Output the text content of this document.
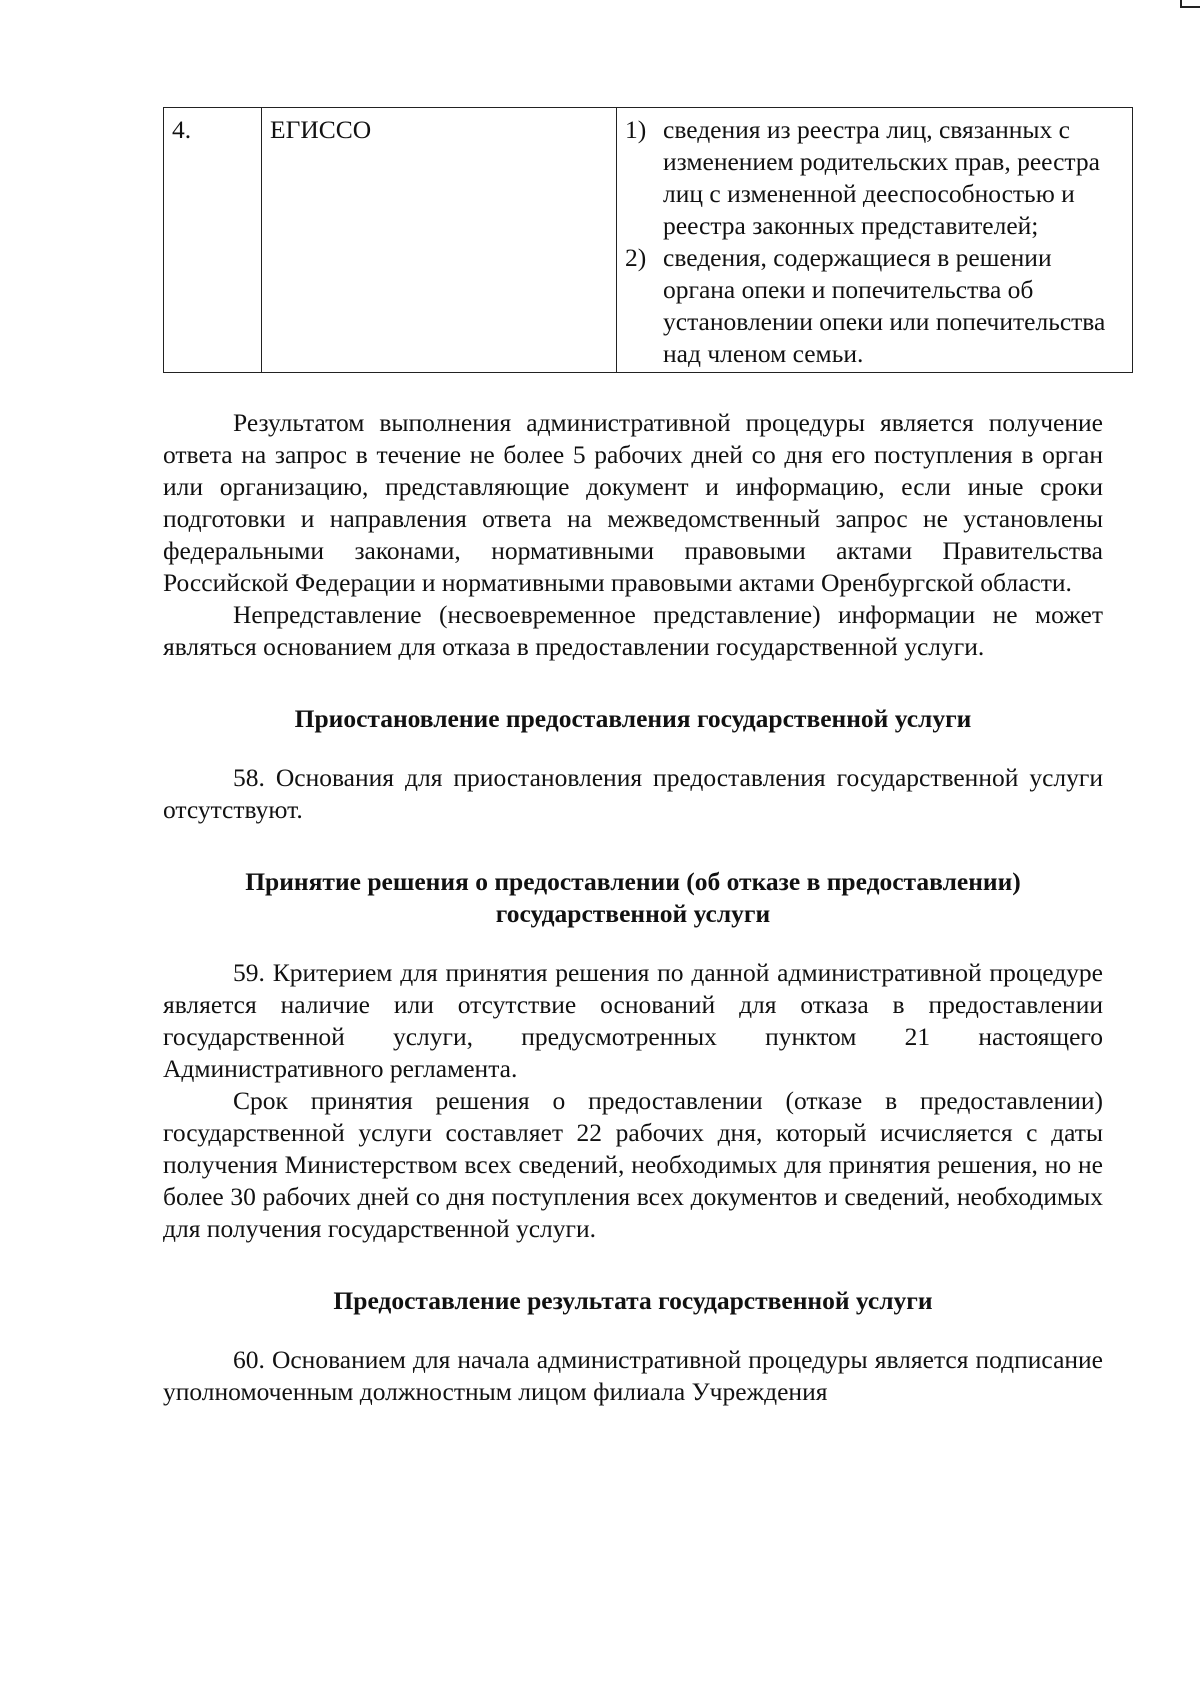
4.	ЕГИССО	1) сведения из реестра лиц, связанных с изменением родительских прав, реестра лиц с измененной дееспособностью и реестра законных представителей;
2) сведения, содержащиеся в решении органа опеки и попечительства об установлении опеки или попечительства над членом семьи.

Результатом выполнения административной процедуры является получение ответа на запрос в течение не более 5 рабочих дней со дня его поступления в орган или организацию, представляющие документ и информацию, если иные сроки подготовки и направления ответа на межведомственный запрос не установлены федеральными законами, нормативными правовыми актами Правительства Российской Федерации и нормативными правовыми актами Оренбургской области.

Непредставление (несвоевременное представление) информации не может являться основанием для отказа в предоставлении государственной услуги.

Приостановление предоставления государственной услуги

58. Основания для приостановления предоставления государственной услуги отсутствуют.

Принятие решения о предоставлении (об отказе в предоставлении)
государственной услуги

59. Критерием для принятия решения по данной административной процедуре является наличие или отсутствие оснований для отказа в предоставлении государственной услуги, предусмотренных пунктом 21 настоящего Административного регламента.

Срок принятия решения о предоставлении (отказе в предоставлении) государственной услуги составляет 22 рабочих дня, который исчисляется с даты получения Министерством всех сведений, необходимых для принятия решения, но не более 30 рабочих дней со дня поступления всех документов и сведений, необходимых для получения государственной услуги.

Предоставление результата государственной услуги

60. Основанием для начала административной процедуры является подписание уполномоченным должностным лицом филиала Учреждения
